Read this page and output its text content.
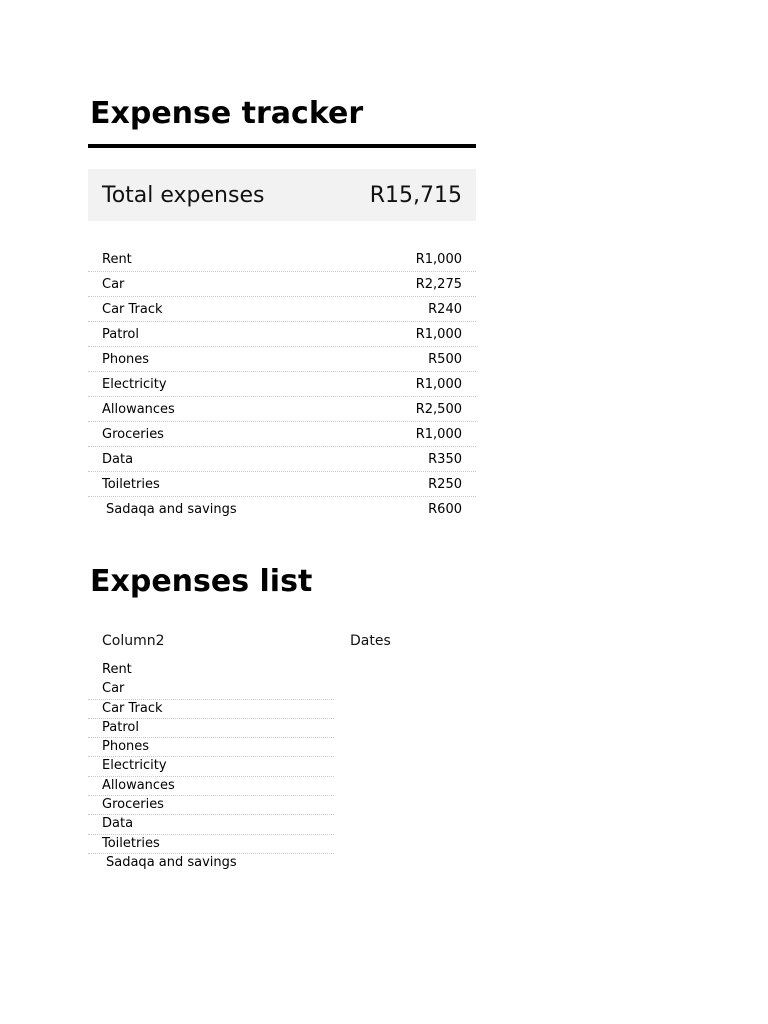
Expense tracker
Total expenses	R15,715
Rent	R1,000
Car	R2,275
Car Track	R240
Patrol	R1,000
Phones	R500
Electricity	R1,000
Allowances	R2,500
Groceries	R1,000
Data	R350
Toiletries	R250
Sadaqa and savings	R600
Expenses list
Column2	Dates
Rent
Car
Car Track
Patrol
Phones
Electricity
Allowances
Groceries
Data
Toiletries
Sadaqa and savings
